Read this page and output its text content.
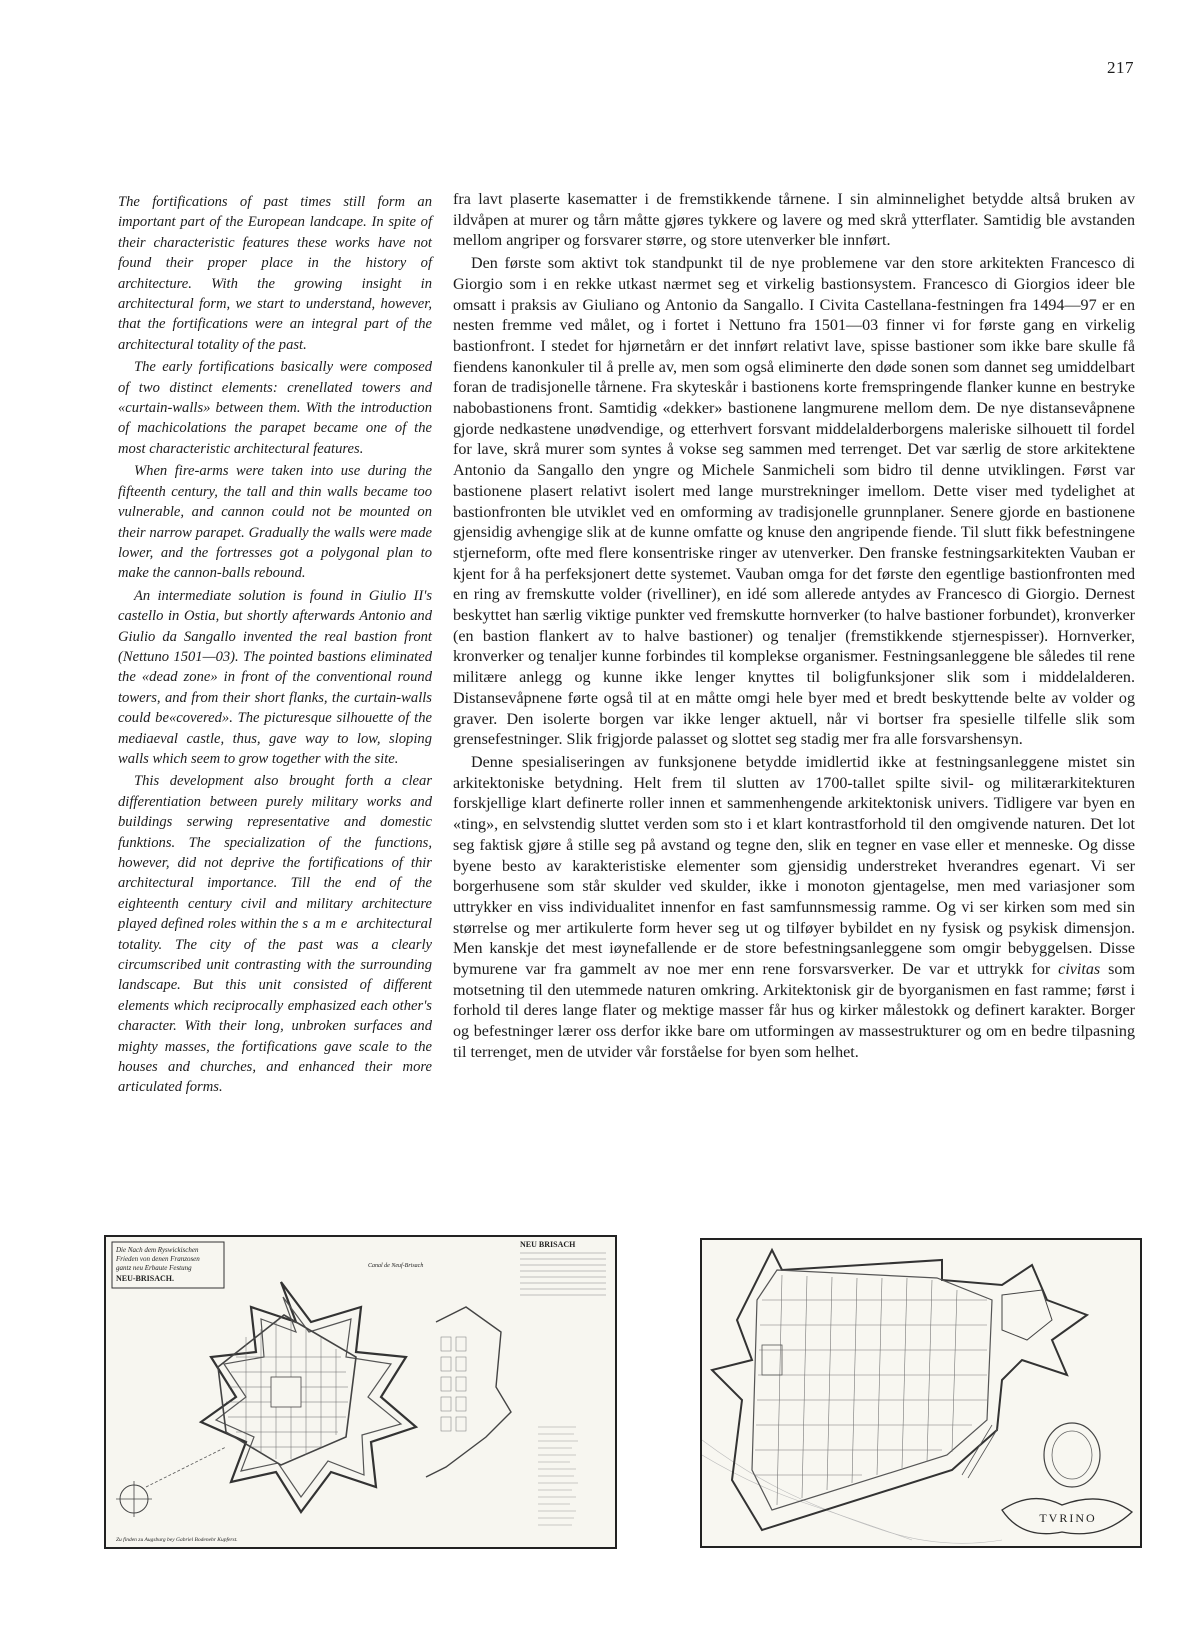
217

The fortifications of past times still form an important part of the European landcape. In spite of their characteristic features these works have not found their proper place in the history of architecture. With the growing insight in architectural form, we start to understand, however, that the fortifications were an integral part of the architectural totality of the past.

The early fortifications basically were composed of two distinct elements: crenellated towers and «curtain-walls» between them. With the introduction of machicolations the parapet became one of the most characteristic architectural features.

When fire-arms were taken into use during the fifteenth century, the tall and thin walls became too vulnerable, and cannon could not be mounted on their narrow parapet. Gradually the walls were made lower, and the fortresses got a polygonal plan to make the cannon-balls rebound.

An intermediate solution is found in Giulio II's castello in Ostia, but shortly afterwards Antonio and Giulio da Sangallo invented the real bastion front (Nettuno 1501—03). The pointed bastions eliminated the «dead zone» in front of the conventional round towers, and from their short flanks, the curtain-walls could be«covered». The picturesque silhouette of the mediaeval castle, thus, gave way to low, sloping walls which seem to grow together with the site.

This development also brought forth a clear differentiation between purely military works and buildings serwing representative and domestic funktions. The specialization of the functions, however, did not deprive the fortifications of thir architectural importance. Till the end of the eighteenth century civil and military architecture played defined roles within the same architectural totality. The city of the past was a clearly circumscribed unit contrasting with the surrounding landscape. But this unit consisted of different elements which reciprocally emphasized each other's character. With their long, unbroken surfaces and mighty masses, the fortifications gave scale to the houses and churches, and enhanced their more articulated forms.

fra lavt plaserte kasematter i de fremstikkende tårnene. I sin alminnelighet betydde altså bruken av ildvåpen at murer og tårn måtte gjøres tykkere og lavere og med skrå ytterflater. Samtidig ble avstanden mellom angriper og forsvarer større, og store utenverker ble innført.

Den første som aktivt tok standpunkt til de nye problemene var den store arkitekten Francesco di Giorgio som i en rekke utkast nærmet seg et virkelig bastionsystem. Francesco di Giorgios ideer ble omsatt i praksis av Giuliano og Antonio da Sangallo. I Civita Castellana-festningen fra 1494—97 er en nesten fremme ved målet, og i fortet i Nettuno fra 1501—03 finner vi for første gang en virkelig bastionfront. I stedet for hjørnetårn er det innført relativt lave, spisse bastioner som ikke bare skulle få fiendens kanonkuler til å prelle av, men som også eliminerte den døde sonen som dannet seg umiddelbart foran de tradisjonelle tårnene. Fra skyteskår i bastionens korte fremspringende flanker kunne en bestryke nabobastionens front. Samtidig «dekker» bastionene langmurene mellom dem. De nye distansevåpnene gjorde nedkastene unødvendige, og etterhvert forsvant middelalderborgens maleriske silhouett til fordel for lave, skrå murer som syntes å vokse seg sammen med terrenget. Det var særlig de store arkitektene Antonio da Sangallo den yngre og Michele Sanmicheli som bidro til denne utviklingen. Først var bastionene plasert relativt isolert med lange murstrekninger imellom. Dette viser med tydelighet at bastionfronten ble utviklet ved en omforming av tradisjonelle grunnplaner. Senere gjorde en bastionene gjensidig avhengige slik at de kunne omfatte og knuse den angripende fiende. Til slutt fikk befestningene stjerneform, ofte med flere konsentriske ringer av utenverker. Den franske festningsarkitekten Vauban er kjent for å ha perfeksjonert dette systemet. Vauban omga for det første den egentlige bastionfronten med en ring av fremskutte volder (rivelliner), en idé som allerede antydes av Francesco di Giorgio. Dernest beskyttet han særlig viktige punkter ved fremskutte hornverker (to halve bastioner forbundet), kronverker (en bastion flankert av to halve bastioner) og tenaljer (fremstikkende stjernespisser). Hornverker, kronverker og tenaljer kunne forbindes til komplekse organismer. Festningsanleggene ble således til rene militære anlegg og kunne ikke lenger knyttes til boligfunksjoner slik som i middelalderen. Distansevåpnene førte også til at en måtte omgi hele byer med et bredt beskyttende belte av volder og graver. Den isolerte borgen var ikke lenger aktuell, når vi bortser fra spesielle tilfelle slik som grensefestninger. Slik frigjorde palasset og slottet seg stadig mer fra alle forsvarshensyn.

Denne spesialiseringen av funksjonene betydde imidlertid ikke at festningsanleggene mistet sin arkitektoniske betydning. Helt frem til slutten av 1700-tallet spilte sivil- og militærarkitekturen forskjellige klart definerte roller innen et sammenhengende arkitektonisk univers. Tidligere var byen en «ting», en selvstendig sluttet verden som sto i et klart kontrastforhold til den omgivende naturen. Det lot seg faktisk gjøre å stille seg på avstand og tegne den, slik en tegner en vase eller et menneske. Og disse byene besto av karakteristiske elementer som gjensidig understreket hverandres egenart. Vi ser borgerhusene som står skulder ved skulder, ikke i monoton gjentagelse, men med variasjoner som uttrykker en viss individualitet innenfor en fast samfunnsmessig ramme. Og vi ser kirken som med sin størrelse og mer artikulerte form hever seg ut og tilføyer bybildet en ny fysisk og psykisk dimensjon. Men kanskje det mest iøynefallende er de store befestningsanleggene som omgir bebyggelsen. Disse bymurene var fra gammelt av noe mer enn rene forsvarsverker. De var et uttrykk for civitas som motsetning til den utemmede naturen omkring. Arkitektonisk gir de byorganismen en fast ramme; først i forhold til deres lange flater og mektige masser får hus og kirker målestokk og definert karakter. Borger og befestninger lærer oss derfor ikke bare om utformingen av massestrukturer og om en bedre tilpasning til terrenget, men de utvider vår forståelse for byen som helhet.

Die Nach dem Ryswickischen
Frieden von denen Franzosen
gantz neu Erbaute Festung
NEU-BRISACH.
NEU BRISACH
Canal de Neuf-Brisach
Zu finden zu Augsburg bey Gabriel Bodenehr Kupferst.
TVRINO
